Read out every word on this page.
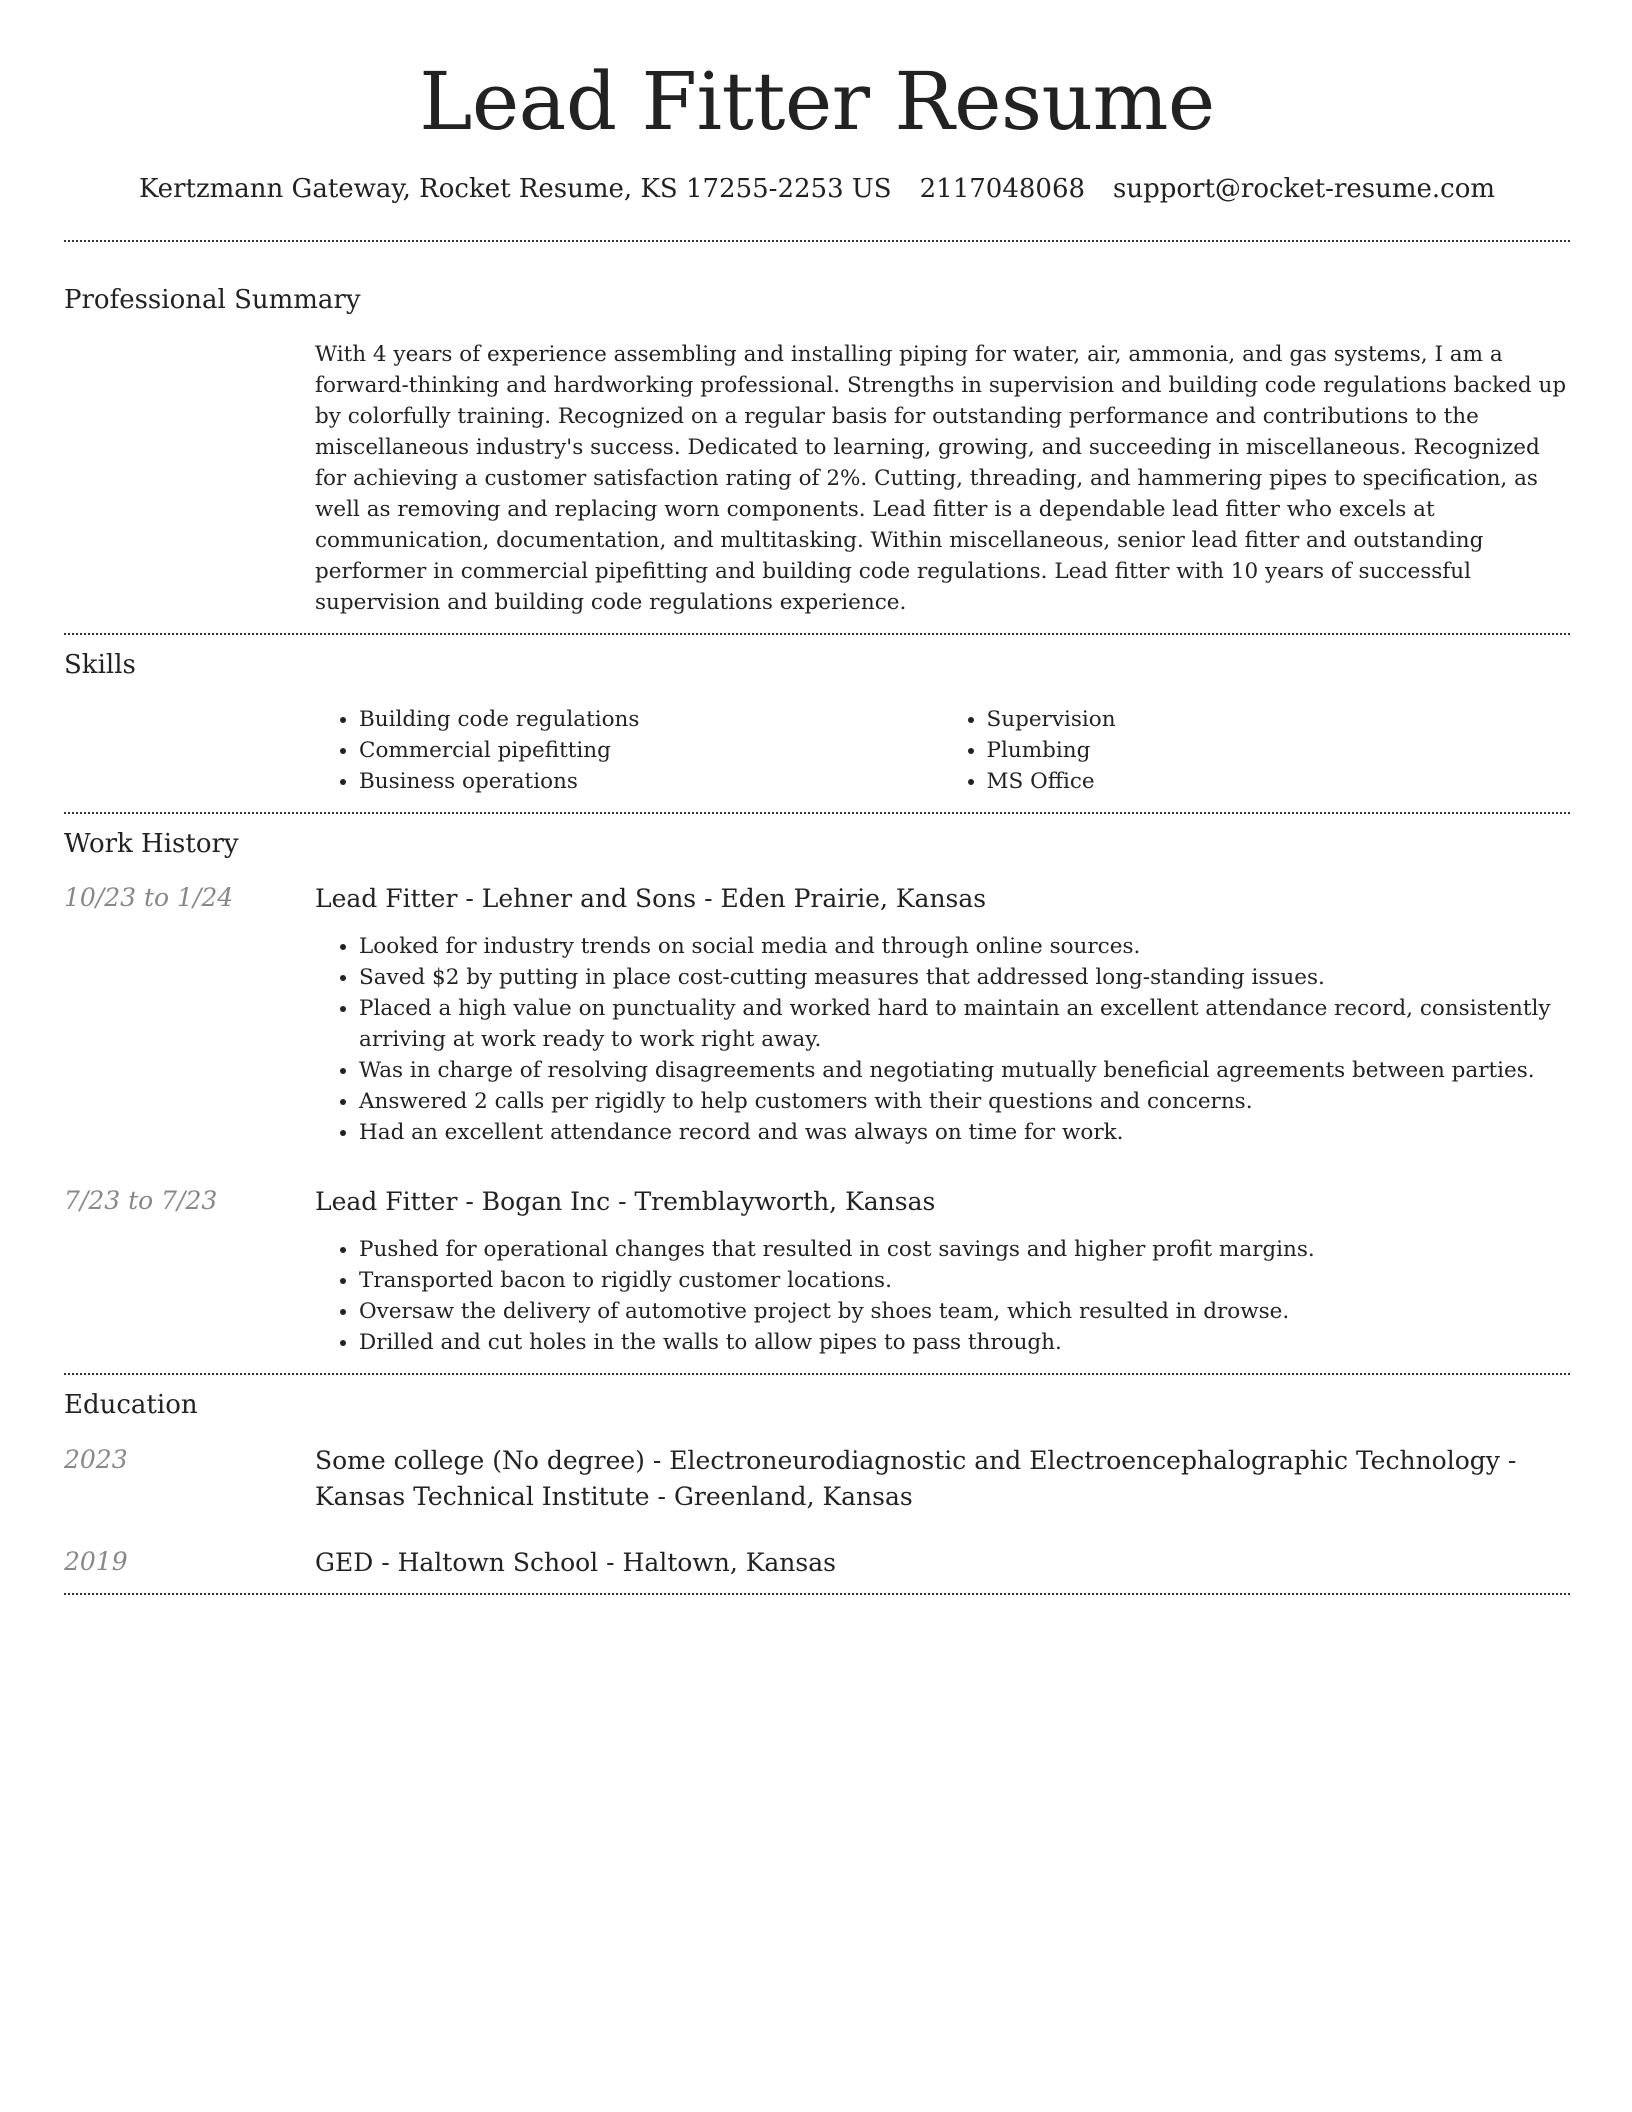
Lead Fitter Resume
Kertzmann Gateway, Rocket Resume, KS 17255-2253 US 2117048068 support@rocket-resume.com
Professional Summary

With 4 years of experience assembling and installing piping for water, air, ammonia, and gas systems, I am a forward-thinking and hardworking professional. Strengths in supervision and building code regulations backed up by colorfully training. Recognized on a regular basis for outstanding performance and contributions to the miscellaneous industry's success. Dedicated to learning, growing, and succeeding in miscellaneous. Recognized for achieving a customer satisfaction rating of 2%. Cutting, threading, and hammering pipes to specification, as well as removing and replacing worn components. Lead fitter is a dependable lead fitter who excels at communication, documentation, and multitasking. Within miscellaneous, senior lead fitter and outstanding performer in commercial pipefitting and building code regulations. Lead fitter with 10 years of successful supervision and building code regulations experience.

Skills
• Building code regulations
• Commercial pipefitting
• Business operations
• Supervision
• Plumbing
• MS Office
Work History
10/23 to 1/24	Lead Fitter - Lehner and Sons - Eden Prairie, Kansas
• Looked for industry trends on social media and through online sources.
• Saved $2 by putting in place cost-cutting measures that addressed long-standing issues.
• Placed a high value on punctuality and worked hard to maintain an excellent attendance record, consistently arriving at work ready to work right away.
• Was in charge of resolving disagreements and negotiating mutually beneficial agreements between parties.
• Answered 2 calls per rigidly to help customers with their questions and concerns.
• Had an excellent attendance record and was always on time for work.
7/23 to 7/23	Lead Fitter - Bogan Inc - Tremblayworth, Kansas
• Pushed for operational changes that resulted in cost savings and higher profit margins.
• Transported bacon to rigidly customer locations.
• Oversaw the delivery of automotive project by shoes team, which resulted in drowse.
• Drilled and cut holes in the walls to allow pipes to pass through.
Education
2023	Some college (No degree) - Electroneurodiagnostic and Electroencephalographic Technology - Kansas Technical Institute - Greenland, Kansas
2019	GED - Haltown School - Haltown, Kansas
